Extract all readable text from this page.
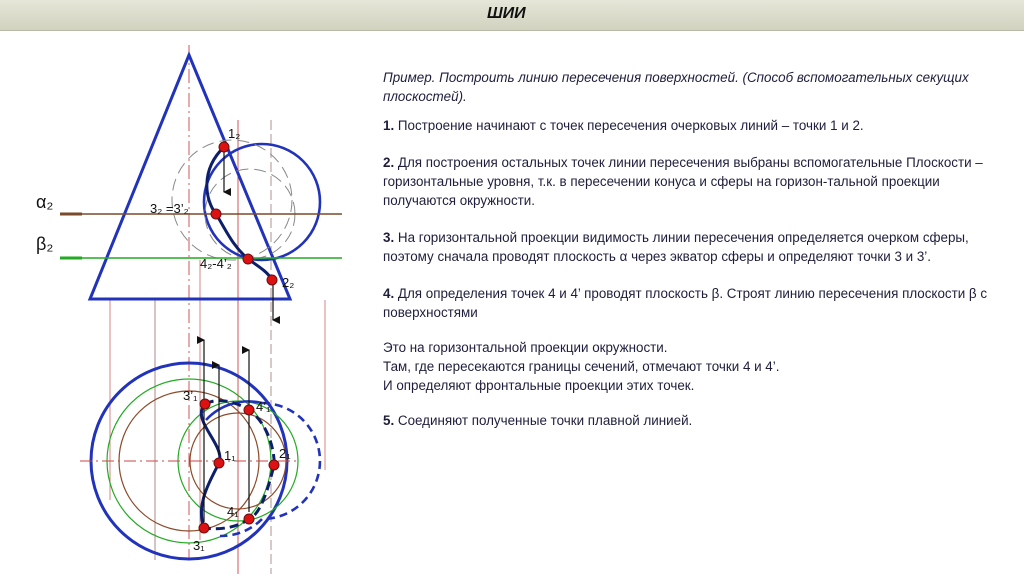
ШИИ
α₂
β₂
1₂
3₂ =3’₂
4₂-4’₂
2₂
3’₁
4’₁
1₁	2₁
4₁
3₁

Пример. Построить линию пересечения поверхностей. (Способ вспомогательных секущих плоскостей).

1. Построение начинают с точек пересечения очерковых линий – точки 1 и 2.

2. Для построения остальных точек линии пересечения выбраны вспомогательные Плоскости – горизонтальные уровня, т.к. в пересечении конуса и сферы на горизон-тальной проекции получаются окружности.

3. На горизонтальной проекции видимость линии пересечения определяется очерком сферы, поэтому сначала проводят плоскость α через экватор сферы и определяют точки 3 и 3’.

4. Для определения точек 4 и 4’ проводят плоскость β. Строят линию пересечения плоскости β с поверхностями

Это на горизонтальной проекции окружности.

Там, где пересекаются границы сечений, отмечают точки 4 и 4’.

И определяют фронтальные проекции этих точек.

5. Соединяют полученные точки плавной линией.
